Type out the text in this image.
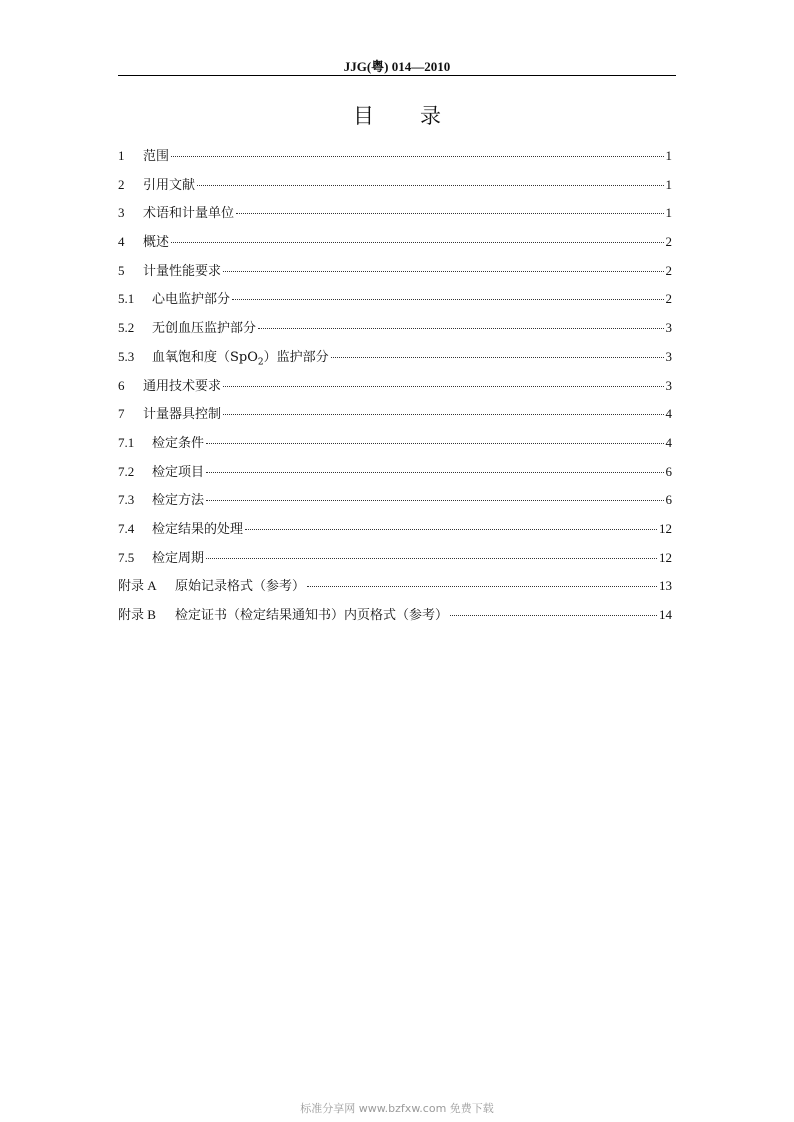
JJG(粤) 014—2010
目录
1	范围	1
2	引用文献	1
3	术语和计量单位	1
4	概述	2
5	计量性能要求	2
5.1	心电监护部分	2
5.2	无创血压监护部分	3
5.3	血氧饱和度（SpO$_2$）监护部分	3
6	通用技术要求	3
7	计量器具控制	4
7.1	检定条件	4
7.2	检定项目	6
7.3	检定方法	6
7.4	检定结果的处理	12
7.5	检定周期	12
附录 A	原始记录格式（参考）	13
附录 B	检定证书（检定结果通知书）内页格式（参考）	14
标准分享网 www.bzfxw.com 免费下载
